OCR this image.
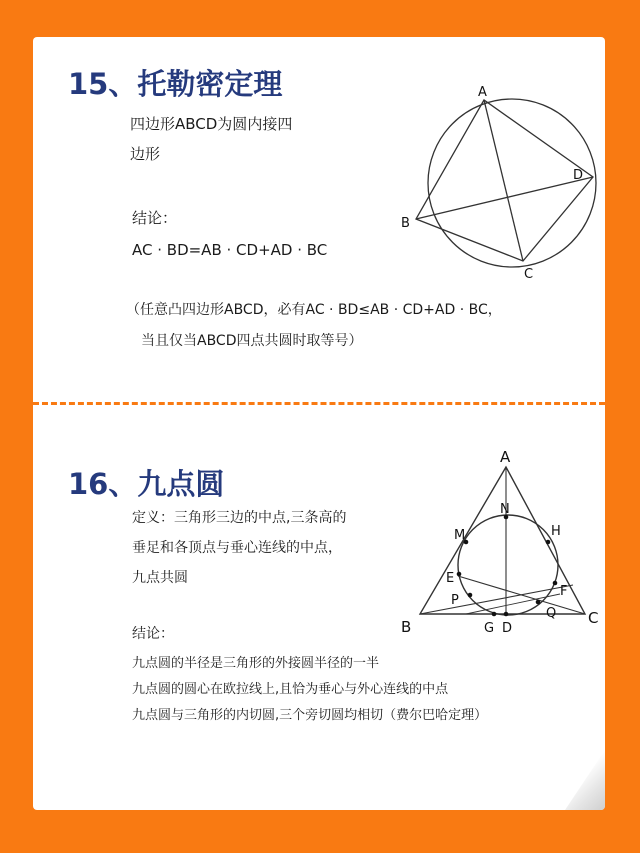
15、托勒密定理
四边形ABCD为圆内接四
边形
结论：
AC · BD=AB · CD+AD · BC
（任意凸四边形ABCD，必有AC · BD≤AB · CD+AD · BC，
当且仅当ABCD四点共圆时取等号）
A
B
C
D
16、九点圆
定义：三角形三边的中点,三条高的
垂足和各顶点与垂心连线的中点，
九点共圆
结论：
九点圆的半径是三角形的外接圆半径的一半
九点圆的圆心在欧拉线上,且恰为垂心与外心连线的中点
九点圆与三角形的内切圆,三个旁切圆均相切（费尔巴哈定理）
A
B	C
D
E
F
G
H
M
N
P
Q
